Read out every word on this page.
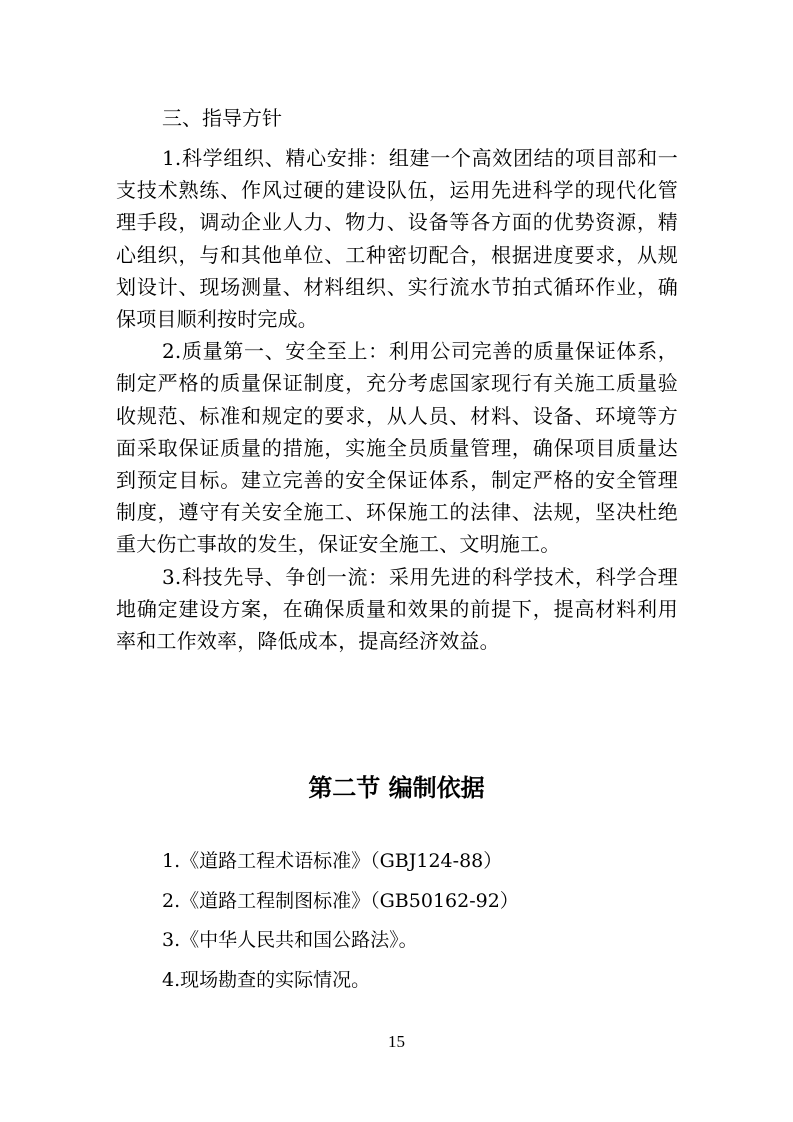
三、指导方针

1.科学组织、精心安排：组建一个高效团结的项目部和一支技术熟练、作风过硬的建设队伍，运用先进科学的现代化管理手段，调动企业人力、物力、设备等各方面的优势资源，精心组织，与和其他单位、工种密切配合，根据进度要求，从规划设计、现场测量、材料组织、实行流水节拍式循环作业，确保项目顺利按时完成。

2.质量第一、安全至上：利用公司完善的质量保证体系，制定严格的质量保证制度，充分考虑国家现行有关施工质量验收规范、标准和规定的要求，从人员、材料、设备、环境等方面采取保证质量的措施，实施全员质量管理，确保项目质量达到预定目标。建立完善的安全保证体系，制定严格的安全管理制度，遵守有关安全施工、环保施工的法律、法规，坚决杜绝重大伤亡事故的发生，保证安全施工、文明施工。

3.科技先导、争创一流：采用先进的科学技术，科学合理地确定建设方案，在确保质量和效果的前提下，提高材料利用率和工作效率，降低成本，提高经济效益。

第二节 编制依据
1.《道路工程术语标准》（GBJ124-88）
2.《道路工程制图标准》（GB50162-92）
3.《中华人民共和国公路法》。
4.现场勘查的实际情况。
15
